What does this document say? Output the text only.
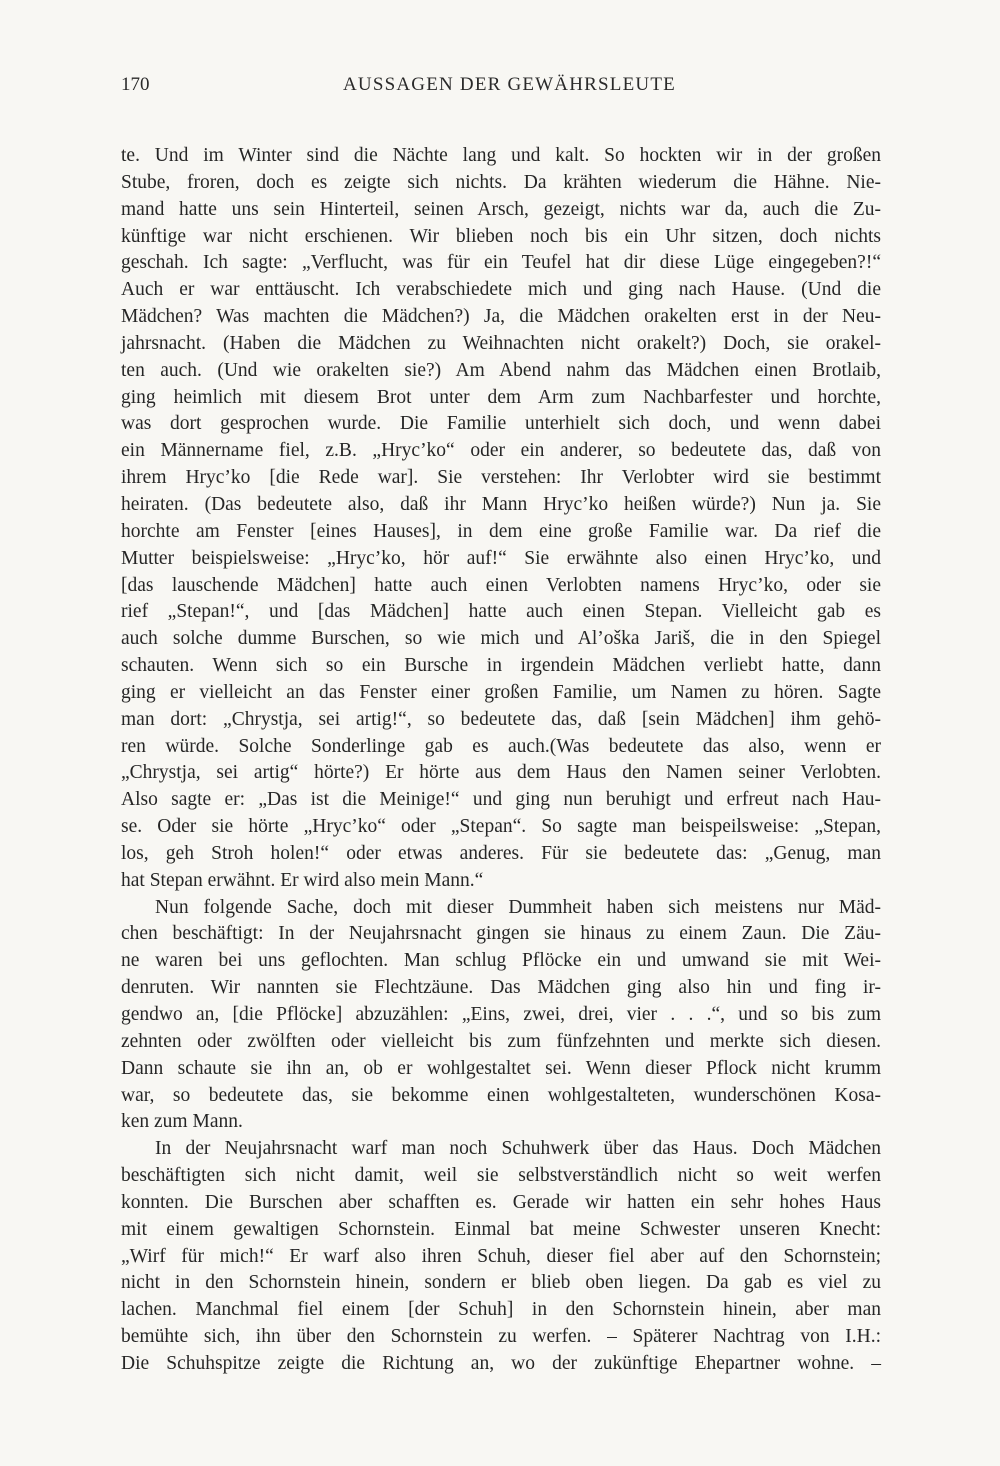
170	AUSSAGEN DER GEWÄHRSLEUTE
te. Und im Winter sind die Nächte lang und kalt. So hockten wir in der großen
Stube, froren, doch es zeigte sich nichts. Da krähten wiederum die Hähne. Nie-
mand hatte uns sein Hinterteil, seinen Arsch, gezeigt, nichts war da, auch die Zu-
künftige war nicht erschienen. Wir blieben noch bis ein Uhr sitzen, doch nichts
geschah. Ich sagte: „Verflucht, was für ein Teufel hat dir diese Lüge eingegeben?!“
Auch er war enttäuscht. Ich verabschiedete mich und ging nach Hause. (Und die
Mädchen? Was machten die Mädchen?) Ja, die Mädchen orakelten erst in der Neu-
jahrsnacht. (Haben die Mädchen zu Weihnachten nicht orakelt?) Doch, sie orakel-
ten auch. (Und wie orakelten sie?) Am Abend nahm das Mädchen einen Brotlaib,
ging heimlich mit diesem Brot unter dem Arm zum Nachbarfester und horchte,
was dort gesprochen wurde. Die Familie unterhielt sich doch, und wenn dabei
ein Männername fiel, z.B. „Hryc’ko“ oder ein anderer, so bedeutete das, daß von
ihrem Hryc’ko [die Rede war]. Sie verstehen: Ihr Verlobter wird sie bestimmt
heiraten. (Das bedeutete also, daß ihr Mann Hryc’ko heißen würde?) Nun ja. Sie
horchte am Fenster [eines Hauses], in dem eine große Familie war. Da rief die
Mutter beispielsweise: „Hryc’ko, hör auf!“ Sie erwähnte also einen Hryc’ko, und
[das lauschende Mädchen] hatte auch einen Verlobten namens Hryc’ko, oder sie
rief „Stepan!“, und [das Mädchen] hatte auch einen Stepan. Vielleicht gab es
auch solche dumme Burschen, so wie mich und Al’oška Jariš, die in den Spiegel
schauten. Wenn sich so ein Bursche in irgendein Mädchen verliebt hatte, dann
ging er vielleicht an das Fenster einer großen Familie, um Namen zu hören. Sagte
man dort: „Chrystja, sei artig!“, so bedeutete das, daß [sein Mädchen] ihm gehö-
ren würde. Solche Sonderlinge gab es auch.(Was bedeutete das also, wenn er
„Chrystja, sei artig“ hörte?) Er hörte aus dem Haus den Namen seiner Verlobten.
Also sagte er: „Das ist die Meinige!“ und ging nun beruhigt und erfreut nach Hau-
se. Oder sie hörte „Hryc’ko“ oder „Stepan“. So sagte man beispeilsweise: „Stepan,
los, geh Stroh holen!“ oder etwas anderes. Für sie bedeutete das: „Genug, man
hat Stepan erwähnt. Er wird also mein Mann.“
Nun folgende Sache, doch mit dieser Dummheit haben sich meistens nur Mäd-
chen beschäftigt: In der Neujahrsnacht gingen sie hinaus zu einem Zaun. Die Zäu-
ne waren bei uns geflochten. Man schlug Pflöcke ein und umwand sie mit Wei-
denruten. Wir nannten sie Flechtzäune. Das Mädchen ging also hin und fing ir-
gendwo an, [die Pflöcke] abzuzählen: „Eins, zwei, drei, vier . . .“, und so bis zum
zehnten oder zwölften oder vielleicht bis zum fünfzehnten und merkte sich diesen.
Dann schaute sie ihn an, ob er wohlgestaltet sei. Wenn dieser Pflock nicht krumm
war, so bedeutete das, sie bekomme einen wohlgestalteten, wunderschönen Kosa-
ken zum Mann.
In der Neujahrsnacht warf man noch Schuhwerk über das Haus. Doch Mädchen
beschäftigten sich nicht damit, weil sie selbstverständlich nicht so weit werfen
konnten. Die Burschen aber schafften es. Gerade wir hatten ein sehr hohes Haus
mit einem gewaltigen Schornstein. Einmal bat meine Schwester unseren Knecht:
„Wirf für mich!“ Er warf also ihren Schuh, dieser fiel aber auf den Schornstein;
nicht in den Schornstein hinein, sondern er blieb oben liegen. Da gab es viel zu
lachen. Manchmal fiel einem [der Schuh] in den Schornstein hinein, aber man
bemühte sich, ihn über den Schornstein zu werfen. – Späterer Nachtrag von I.H.:
Die Schuhspitze zeigte die Richtung an, wo der zukünftige Ehepartner wohne. –
